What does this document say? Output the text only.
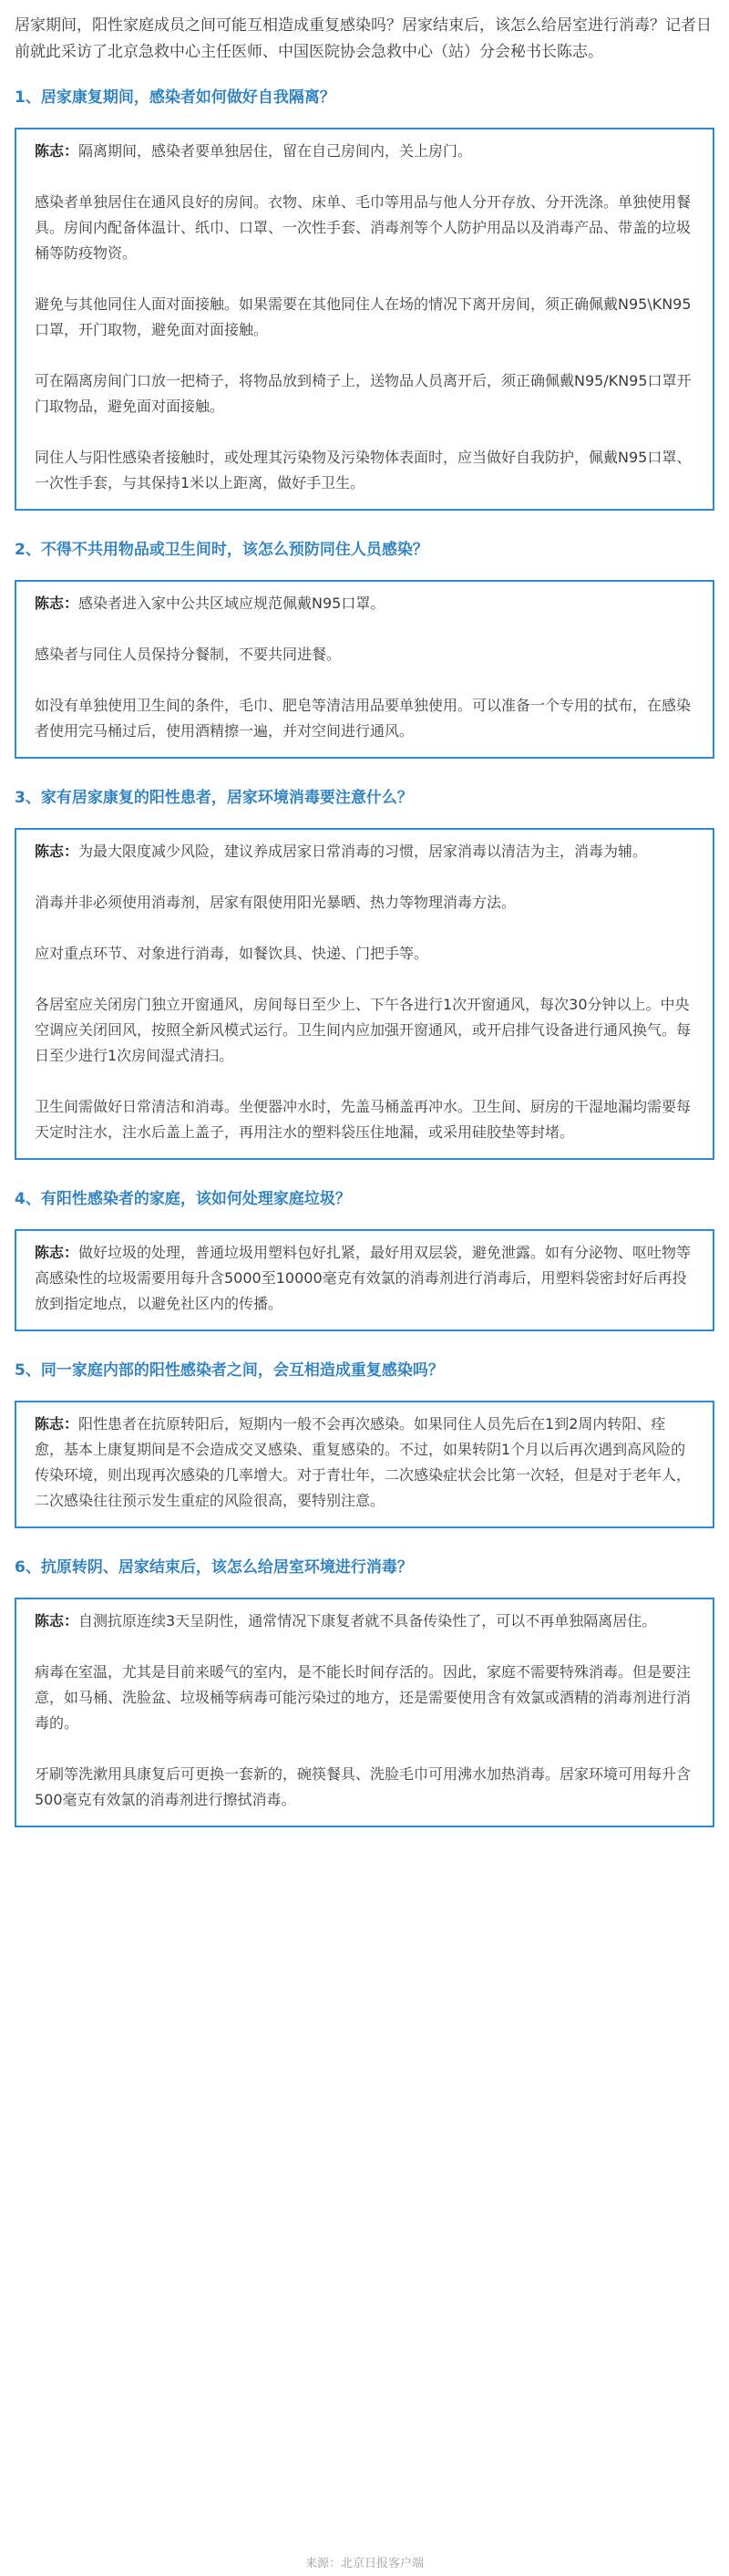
居家期间，阳性家庭成员之间可能互相造成重复感染吗？居家结束后，该怎么给居室进行消毒？记者日前就此采访了北京急救中心主任医师、中国医院协会急救中心（站）分会秘书长陈志。

1、居家康复期间，感染者如何做好自我隔离？

陈志：隔离期间，感染者要单独居住，留在自己房间内，关上房门。

感染者单独居住在通风良好的房间。衣物、床单、毛巾等用品与他人分开存放、分开洗涤。单独使用餐具。房间内配备体温计、纸巾、口罩、一次性手套、消毒剂等个人防护用品以及消毒产品、带盖的垃圾桶等防疫物资。

避免与其他同住人面对面接触。如果需要在其他同住人在场的情况下离开房间，须正确佩戴N95\KN95口罩，开门取物，避免面对面接触。

可在隔离房间门口放一把椅子，将物品放到椅子上，送物品人员离开后，须正确佩戴N95/KN95口罩开门取物品，避免面对面接触。

同住人与阳性感染者接触时，或处理其污染物及污染物体表面时，应当做好自我防护，佩戴N95口罩、一次性手套，与其保持1米以上距离，做好手卫生。

2、不得不共用物品或卫生间时，该怎么预防同住人员感染？

陈志：感染者进入家中公共区域应规范佩戴N95口罩。

感染者与同住人员保持分餐制，不要共同进餐。

如没有单独使用卫生间的条件，毛巾、肥皂等清洁用品要单独使用。可以准备一个专用的拭布，在感染者使用完马桶过后，使用酒精擦一遍，并对空间进行通风。

3、家有居家康复的阳性患者，居家环境消毒要注意什么？

陈志：为最大限度减少风险，建议养成居家日常消毒的习惯，居家消毒以清洁为主，消毒为辅。

消毒并非必须使用消毒剂，居家有限使用阳光暴晒、热力等物理消毒方法。

应对重点环节、对象进行消毒，如餐饮具、快递、门把手等。

各居室应关闭房门独立开窗通风，房间每日至少上、下午各进行1次开窗通风，每次30分钟以上。中央空调应关闭回风，按照全新风模式运行。卫生间内应加强开窗通风，或开启排气设备进行通风换气。每日至少进行1次房间湿式清扫。

卫生间需做好日常清洁和消毒。坐便器冲水时，先盖马桶盖再冲水。卫生间、厨房的干湿地漏均需要每天定时注水，注水后盖上盖子，再用注水的塑料袋压住地漏，或采用硅胶垫等封堵。

4、有阳性感染者的家庭，该如何处理家庭垃圾？

陈志：做好垃圾的处理，普通垃圾用塑料包好扎紧，最好用双层袋，避免泄露。如有分泌物、呕吐物等高感染性的垃圾需要用每升含5000至10000毫克有效氯的消毒剂进行消毒后，用塑料袋密封好后再投放到指定地点，以避免社区内的传播。

5、同一家庭内部的阳性感染者之间，会互相造成重复感染吗？

陈志：阳性患者在抗原转阳后，短期内一般不会再次感染。如果同住人员先后在1到2周内转阳、痊愈，基本上康复期间是不会造成交叉感染、重复感染的。不过，如果转阴1个月以后再次遇到高风险的传染环境，则出现再次感染的几率增大。对于青壮年，二次感染症状会比第一次轻，但是对于老年人，二次感染往往预示发生重症的风险很高，要特别注意。

6、抗原转阴、居家结束后，该怎么给居室环境进行消毒？

陈志：自测抗原连续3天呈阴性，通常情况下康复者就不具备传染性了，可以不再单独隔离居住。

病毒在室温，尤其是目前来暖气的室内，是不能长时间存活的。因此，家庭不需要特殊消毒。但是要注意，如马桶、洗脸盆、垃圾桶等病毒可能污染过的地方，还是需要使用含有效氯或酒精的消毒剂进行消毒的。

牙刷等洗漱用具康复后可更换一套新的，碗筷餐具、洗脸毛巾可用沸水加热消毒。居家环境可用每升含500毫克有效氯的消毒剂进行擦拭消毒。

来源：北京日报客户端
